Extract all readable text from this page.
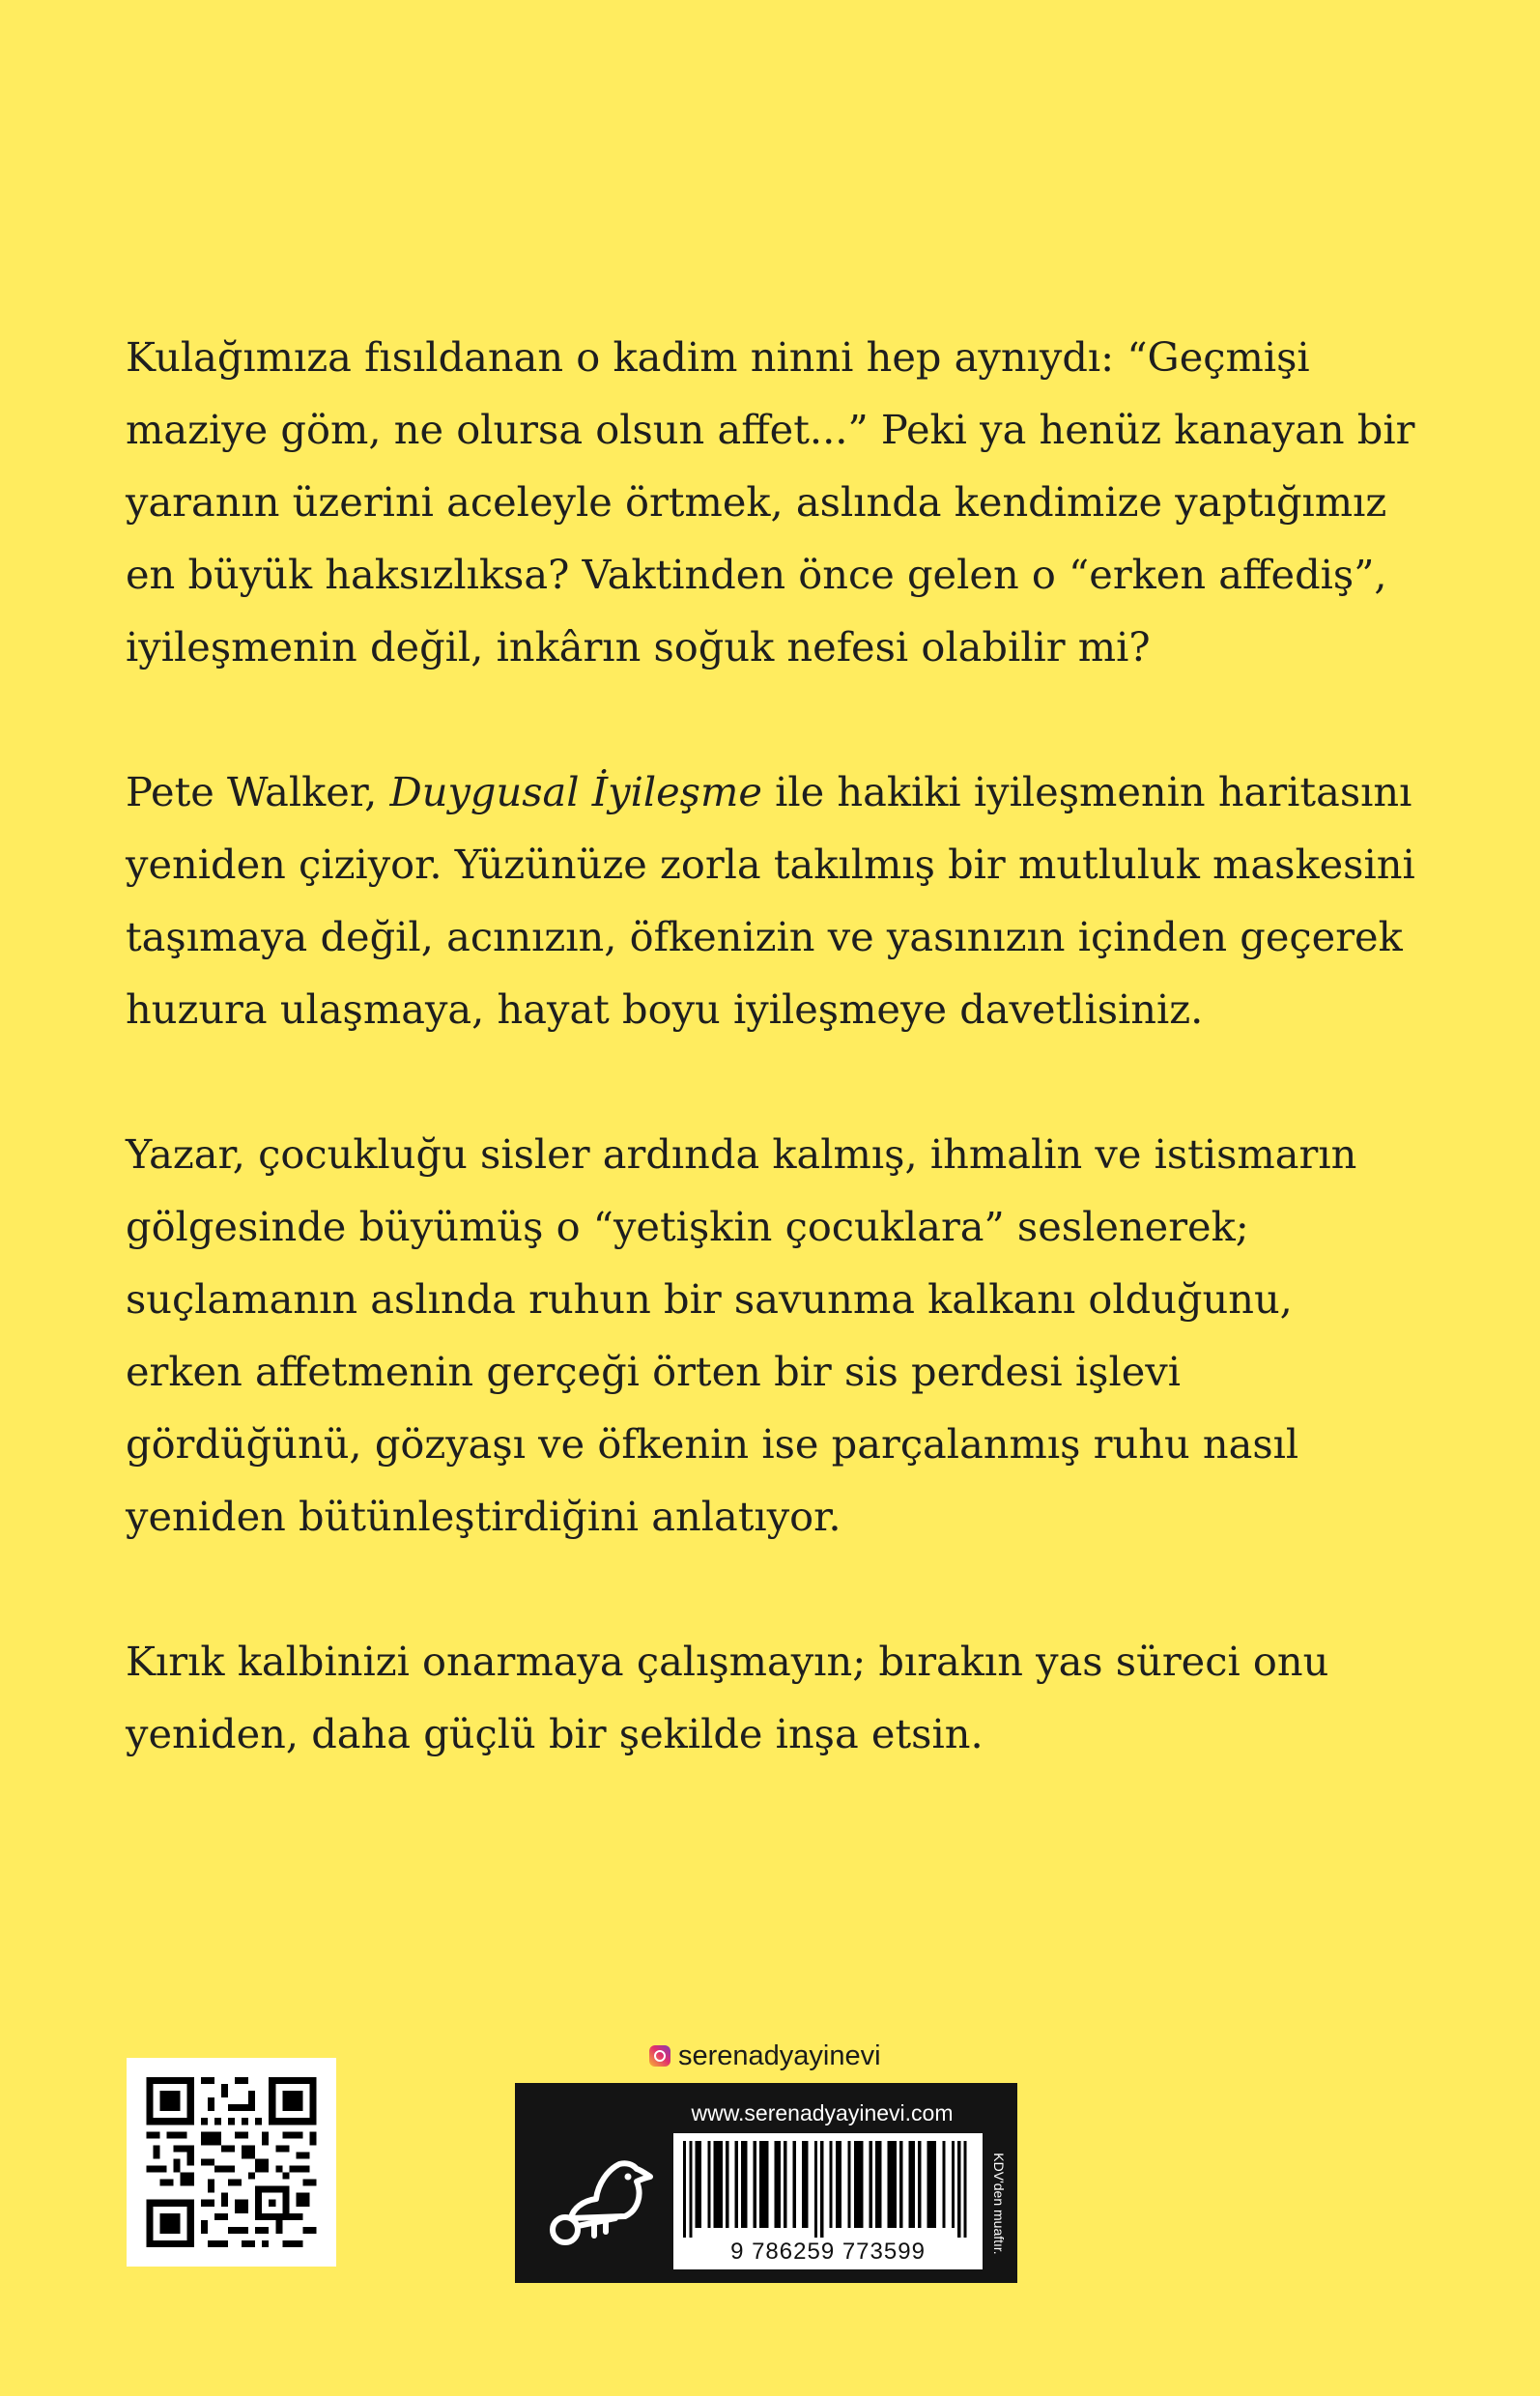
Kulağımıza fısıldanan o kadim ninni hep aynıydı: “Geçmişi maziye göm, ne olursa olsun affet...” Peki ya henüz kanayan bir yaranın üzerini aceleyle örtmek, aslında kendimize yaptığımız en büyük haksızlıksa? Vaktinden önce gelen o “erken affediş”, iyileşmenin değil, inkârın soğuk nefesi olabilir mi?

Pete Walker, Duygusal İyileşme ile hakiki iyileşmenin haritasını yeniden çiziyor. Yüzünüze zorla takılmış bir mutluluk maskesini taşımaya değil, acınızın, öfkenizin ve yasınızın içinden geçerek huzura ulaşmaya, hayat boyu iyileşmeye davetlisiniz.

Yazar, çocukluğu sisler ardında kalmış, ihmalin ve istismarın gölgesinde büyümüş o “yetişkin çocuklara” seslenerek; suçlamanın aslında ruhun bir savunma kalkanı olduğunu, erken affetmenin gerçeği örten bir sis perdesi işlevi gördüğünü, gözyaşı ve öfkenin ise parçalanmış ruhu nasıl yeniden bütünleştirdiğini anlatıyor.

Kırık kalbinizi onarmaya çalışmayın; bırakın yas süreci onu yeniden, daha güçlü bir şekilde inşa etsin.

serenadyayinevi
www.serenadyayinevi.com
9 786259 773599	KDV'den muaftır.
